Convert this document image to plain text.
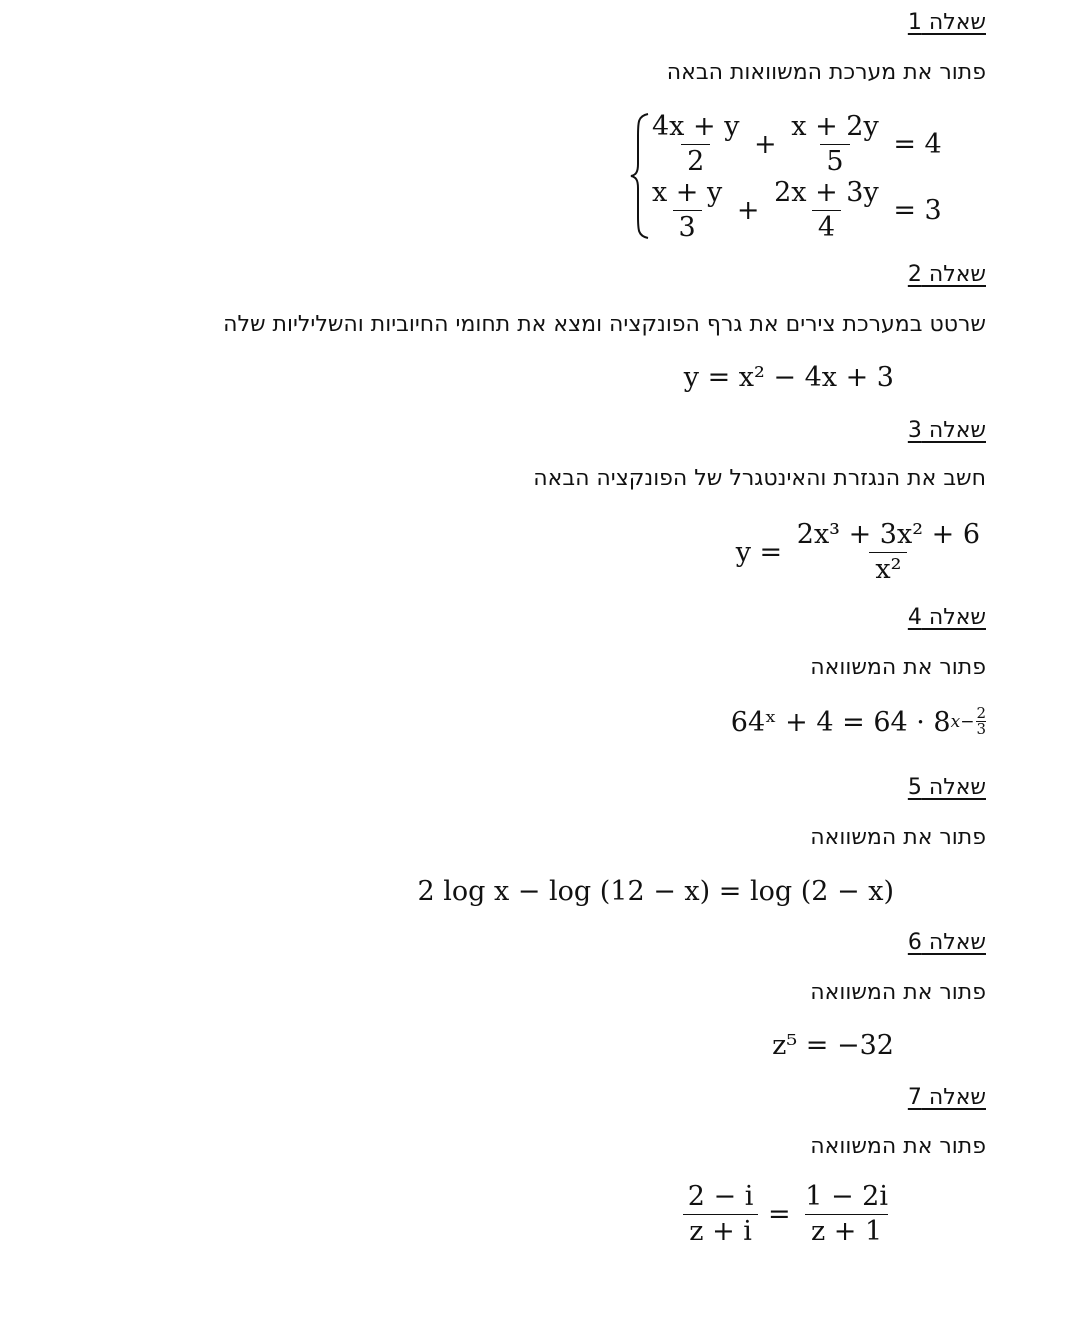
שאלה 1
פתור את מערכת המשוואות הבאה
$\frac{4x + y}{2} + \frac{x + 2y}{5} = 4$
$\frac{x + y}{3} + \frac{2x + 3y}{4} = 3$
שאלה 2
שרטט במערכת צירים את גרף הפונקציה ומצא את תחומי החיוביות והשליליות שלה
y = x² − 4x + 3
שאלה 3
חשב את הנגזרת והאינטגרל של הפונקציה הבאה
$y = \frac{\text{2x³ + 3x² + 6}}{\text{x²}}$
שאלה 4
פתור את המשוואה
64ˣ + 4 = 64 · 8 $x- \frac{2}{3}$
שאלה 5
פתור את המשוואה
2 log x − log (12 − x) = log (2 − x)
שאלה 6
פתור את המשוואה
z⁵ = −32
שאלה 7
פתור את המשוואה
$\frac{2 - i}{z + i} = \frac{1 - 2i}{z + 1}$
